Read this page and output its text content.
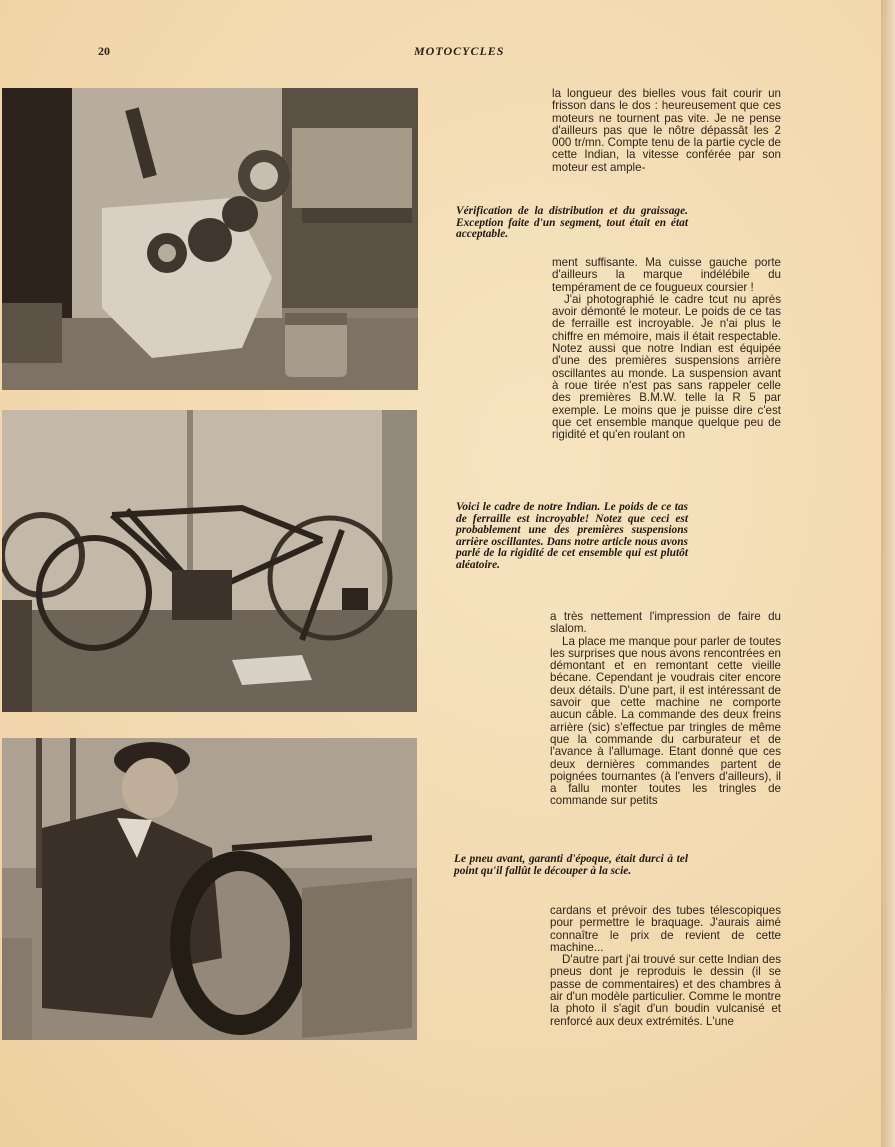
20	MOTOCYCLES

la longueur des bielles vous fait courir un frisson dans le dos : heureusement que ces moteurs ne tournent pas vite. Je ne pense d'ailleurs pas que le nôtre dépassât les 2 000 tr/mn. Compte tenu de la partie cycle de cette Indian, la vitesse conférée par son moteur est ample-

Vérification de la distribution et du graissage. Exception faite d'un segment, tout était en état acceptable.

ment suffisante. Ma cuisse gauche porte d'ailleurs la marque indélébile du tempérament de ce fougueux coursier !

J'ai photographié le cadre tcut nu après avoir démonté le moteur. Le poids de ce tas de ferraille est incroyable. Je n'ai plus le chiffre en mémoire, mais il était respectable. Notez aussi que notre Indian est équipée d'une des premières suspensions arrière oscillantes au monde. La suspension avant à roue tirée n'est pas sans rappeler celle des premières B.M.W. telle la R 5 par exemple. Le moins que je puisse dire c'est que cet ensemble manque quelque peu de rigidité et qu'en roulant on

Voici le cadre de notre Indian. Le poids de ce tas de ferraille est incroyable! Notez que ceci est probablement une des premières suspensions arrière oscillantes. Dans notre article nous avons parlé de la rigidité de cet ensemble qui est plutôt aléatoire.

a très nettement l'impression de faire du slalom.

La place me manque pour parler de toutes les surprises que nous avons rencontrées en démontant et en remontant cette vieille bécane. Cependant je voudrais citer encore deux détails. D'une part, il est intéressant de savoir que cette machine ne comporte aucun câble. La commande des deux freins arrière (sic) s'effectue par tringles de même que la commande du carburateur et de l'avance à l'allumage. Etant donné que ces deux dernières commandes partent de poignées tournantes (à l'envers d'ailleurs), il a fallu monter toutes les tringles de commande sur petits

Le pneu avant, garanti d'époque, était durci à tel point qu'il fallût le découper à la scie.

cardans et prévoir des tubes télescopiques pour permettre le braquage. J'aurais aimé connaître le prix de revient de cette machine...

D'autre part j'ai trouvé sur cette Indian des pneus dont je reproduis le dessin (il se passe de commentaires) et des chambres à air d'un modèle particulier. Comme le montre la photo il s'agit d'un boudin vulcanisé et renforcé aux deux extrémités. L'une
